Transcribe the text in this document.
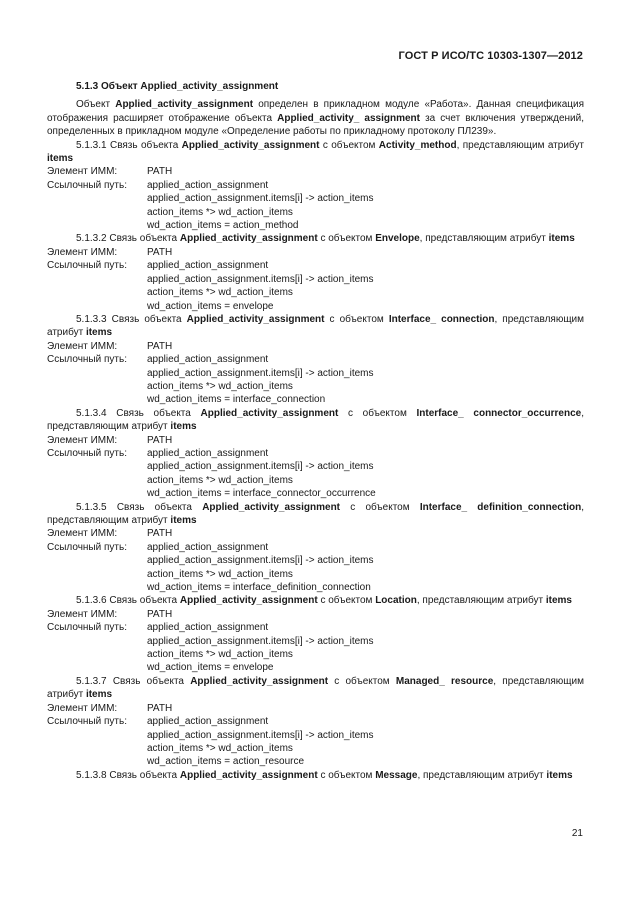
ГОСТ Р ИСО/ТС 10303-1307—2012
5.1.3 Объект Applied_activity_assignment
Объект Applied_activity_assignment определен в прикладном модуле «Работа». Данная спецификация отображения расширяет отображение объекта Applied_activity_ assignment за счет включения утверждений, определенных в прикладном модуле «Определение работы по прикладному протоколу ПЛ239».
5.1.3.1 Связь объекта Applied_activity_assignment с объектом Activity_method, представляющим атрибут items
Элемент ИММ:	PATH
Ссылочный путь:	applied_action_assignment
applied_action_assignment.items[i] -> action_items
action_items *> wd_action_items
wd_action_items = action_method
5.1.3.2 Связь объекта Applied_activity_assignment с объектом Envelope, представляющим атрибут items
Элемент ИММ:	PATH
Ссылочный путь:	applied_action_assignment
applied_action_assignment.items[i] -> action_items
action_items *> wd_action_items
wd_action_items = envelope
5.1.3.3 Связь объекта Applied_activity_assignment с объектом Interface_ connection, представляющим атрибут items
Элемент ИММ:	PATH
Ссылочный путь:	applied_action_assignment
applied_action_assignment.items[i] -> action_items
action_items *> wd_action_items
wd_action_items = interface_connection
5.1.3.4 Связь объекта Applied_activity_assignment с объектом Interface_ connector_occurrence, представляющим атрибут items
Элемент ИММ:	PATH
Ссылочный путь:	applied_action_assignment
applied_action_assignment.items[i] -> action_items
action_items *> wd_action_items
wd_action_items = interface_connector_occurrence
5.1.3.5 Связь объекта Applied_activity_assignment с объектом Interface_ definition_connection, представляющим атрибут items
Элемент ИММ:	PATH
Ссылочный путь:	applied_action_assignment
applied_action_assignment.items[i] -> action_items
action_items *> wd_action_items
wd_action_items = interface_definition_connection
5.1.3.6 Связь объекта Applied_activity_assignment с объектом Location, представляющим атрибут items
Элемент ИММ:	PATH
Ссылочный путь:	applied_action_assignment
applied_action_assignment.items[i] -> action_items
action_items *> wd_action_items
wd_action_items = envelope
5.1.3.7 Связь объекта Applied_activity_assignment с объектом Managed_ resource, представляющим атрибут items
Элемент ИММ:	PATH
Ссылочный путь:	applied_action_assignment
applied_action_assignment.items[i] -> action_items
action_items *> wd_action_items
wd_action_items = action_resource
5.1.3.8 Связь объекта Applied_activity_assignment с объектом Message, представляющим атрибут items
21
